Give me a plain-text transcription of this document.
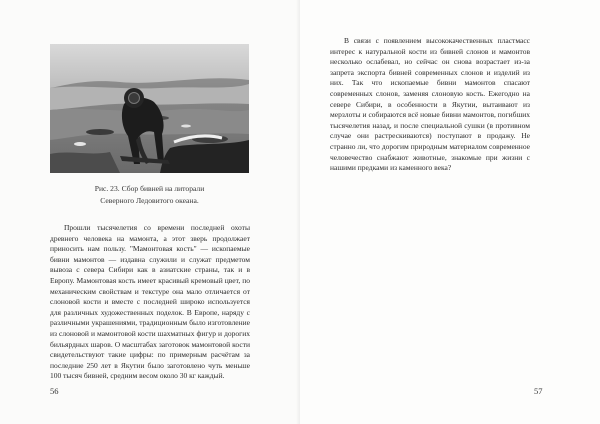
Рис. 23. Сбор бивней на литорали
Северного Ледовитого океана.

Прошли тысячелетия со времени последней охоты древнего человека на мамонта, а этот зверь продолжает приносить нам пользу. "Мамонтовая кость" — ископаемые бивни мамонтов — издавна служили и служат предметом вывоза с севера Сибири как в азиатские страны, так и в Европу. Мамонтовая кость имеет красивый кремовый цвет, по механическим свойствам и текстуре она мало отличается от слоновой кости и вместе с последней широко используется для различных художественных поделок. В Европе, наряду с различными украшениями, традиционным было изготовление из слоновой и мамонтовой кости шахматных фигур и дорогих бильярдных шаров. О масштабах заготовок мамонтовой кости свидетельствуют такие цифры: по примерным расчётам за последние 250 лет в Якутии было заготовлено чуть меньше 100 тысяч бивней, средним весом около 30 кг каждый.

56

В связи с появлением высококачественных пластмасс интерес к натуральной кости из бивней слонов и мамонтов несколько ослабевал, но сейчас он снова возрастает из-за запрета экспорта бивней современных слонов и изделий из них. Так что ископаемые бивни мамонтов спасают современных слонов, заменяя слоновую кость. Ежегодно на севере Сибири, в особенности в Якутии, вытаивают из мерзлоты и собираются всё новые бивни мамонтов, погибших тысячелетия назад, и после специальной сушки (в противном случае они растрескиваются) поступают в продажу. Не странно ли, что дорогим природным материалом современное человечество снабжают животные, знакомые при жизни с нашими предками из каменного века?

57
